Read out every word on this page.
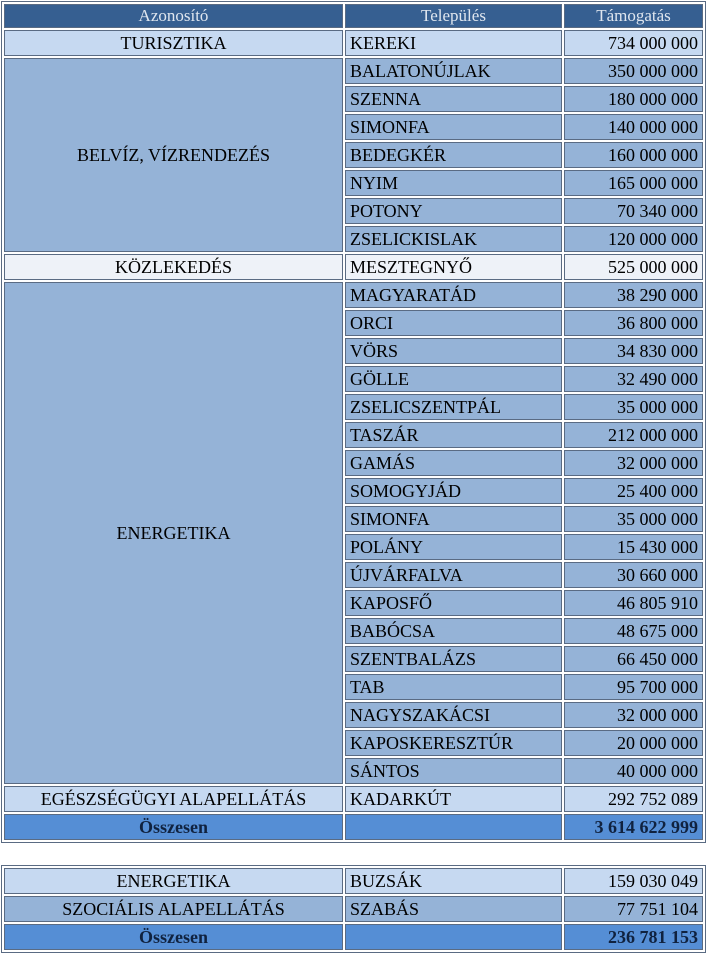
Azonosító	Település	Támogatás
TURISZTIKA	KEREKI	734 000 000
BELVÍZ, VÍZRENDEZÉS	BALATONÚJLAK	350 000 000
	SZENNA	180 000 000
	SIMONFA	140 000 000
	BEDEGKÉR	160 000 000
	NYIM	165 000 000
	POTONY	70 340 000
	ZSELICKISLAK	120 000 000
KÖZLEKEDÉS	MESZTEGNYŐ	525 000 000
ENERGETIKA	MAGYARATÁD	38 290 000
	ORCI	36 800 000
	VÖRS	34 830 000
	GÖLLE	32 490 000
	ZSELICSZENTPÁL	35 000 000
	TASZÁR	212 000 000
	GAMÁS	32 000 000
	SOMOGYJÁD	25 400 000
	SIMONFA	35 000 000
	POLÁNY	15 430 000
	ÚJVÁRFALVA	30 660 000
	KAPOSFŐ	46 805 910
	BABÓCSA	48 675 000
	SZENTBALÁZS	66 450 000
	TAB	95 700 000
	NAGYSZAKÁCSI	32 000 000
	KAPOSKERESZTÚR	20 000 000
	SÁNTOS	40 000 000
EGÉSZSÉGÜGYI ALAPELLÁTÁS	KADARKÚT	292 752 089
Összesen		3 614 622 999
ENERGETIKA	BUZSÁK	159 030 049
SZOCIÁLIS ALAPELLÁTÁS	SZABÁS	77 751 104
Összesen		236 781 153
